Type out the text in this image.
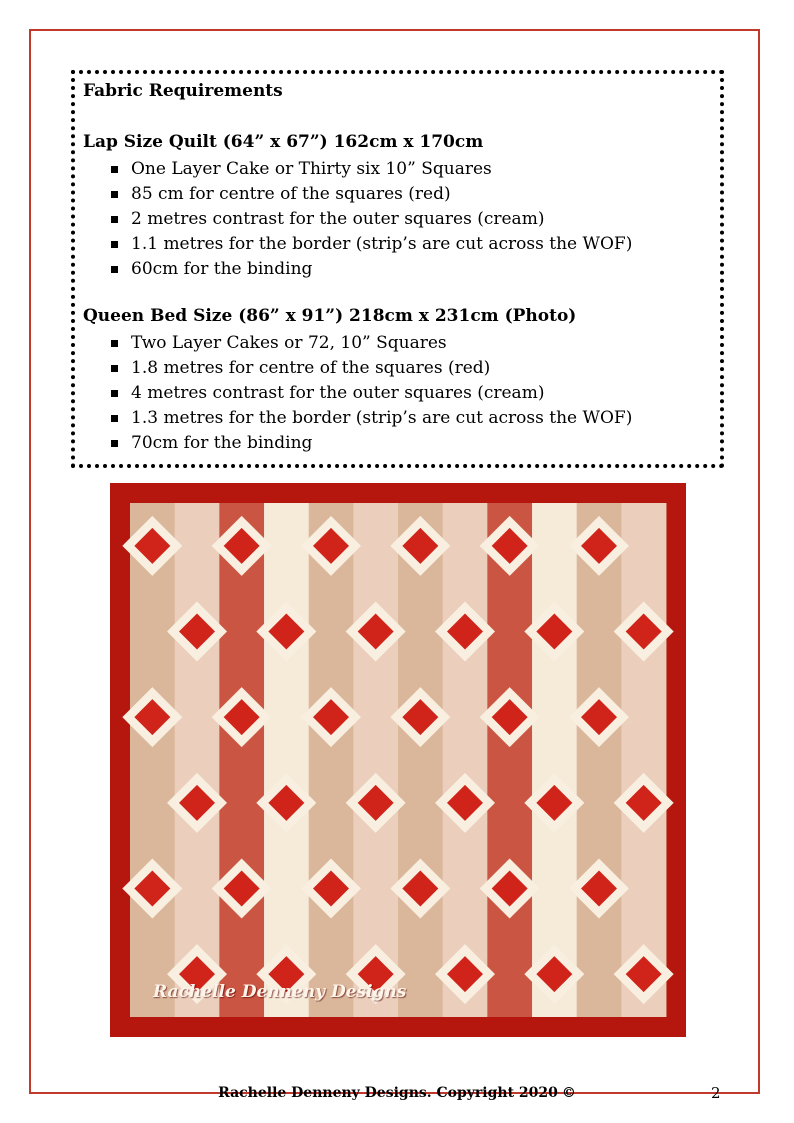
Fabric Requirements
Lap Size Quilt (64” x 67”) 162cm x 170cm
One Layer Cake or Thirty six 10” Squares
85 cm for centre of the squares (red)
2 metres contrast for the outer squares (cream)
1.1 metres for the border (strip’s are cut across the WOF)
60cm for the binding
Queen Bed Size (86” x 91”) 218cm x 231cm (Photo)
Two Layer Cakes or 72, 10” Squares
1.8 metres for centre of the squares (red)
4 metres contrast for the outer squares (cream)
1.3 metres for the border (strip’s are cut across the WOF)
70cm for the binding
Rachelle Denneny Designs
Rachelle Denneny Designs. Copyright 2020 ©	2
